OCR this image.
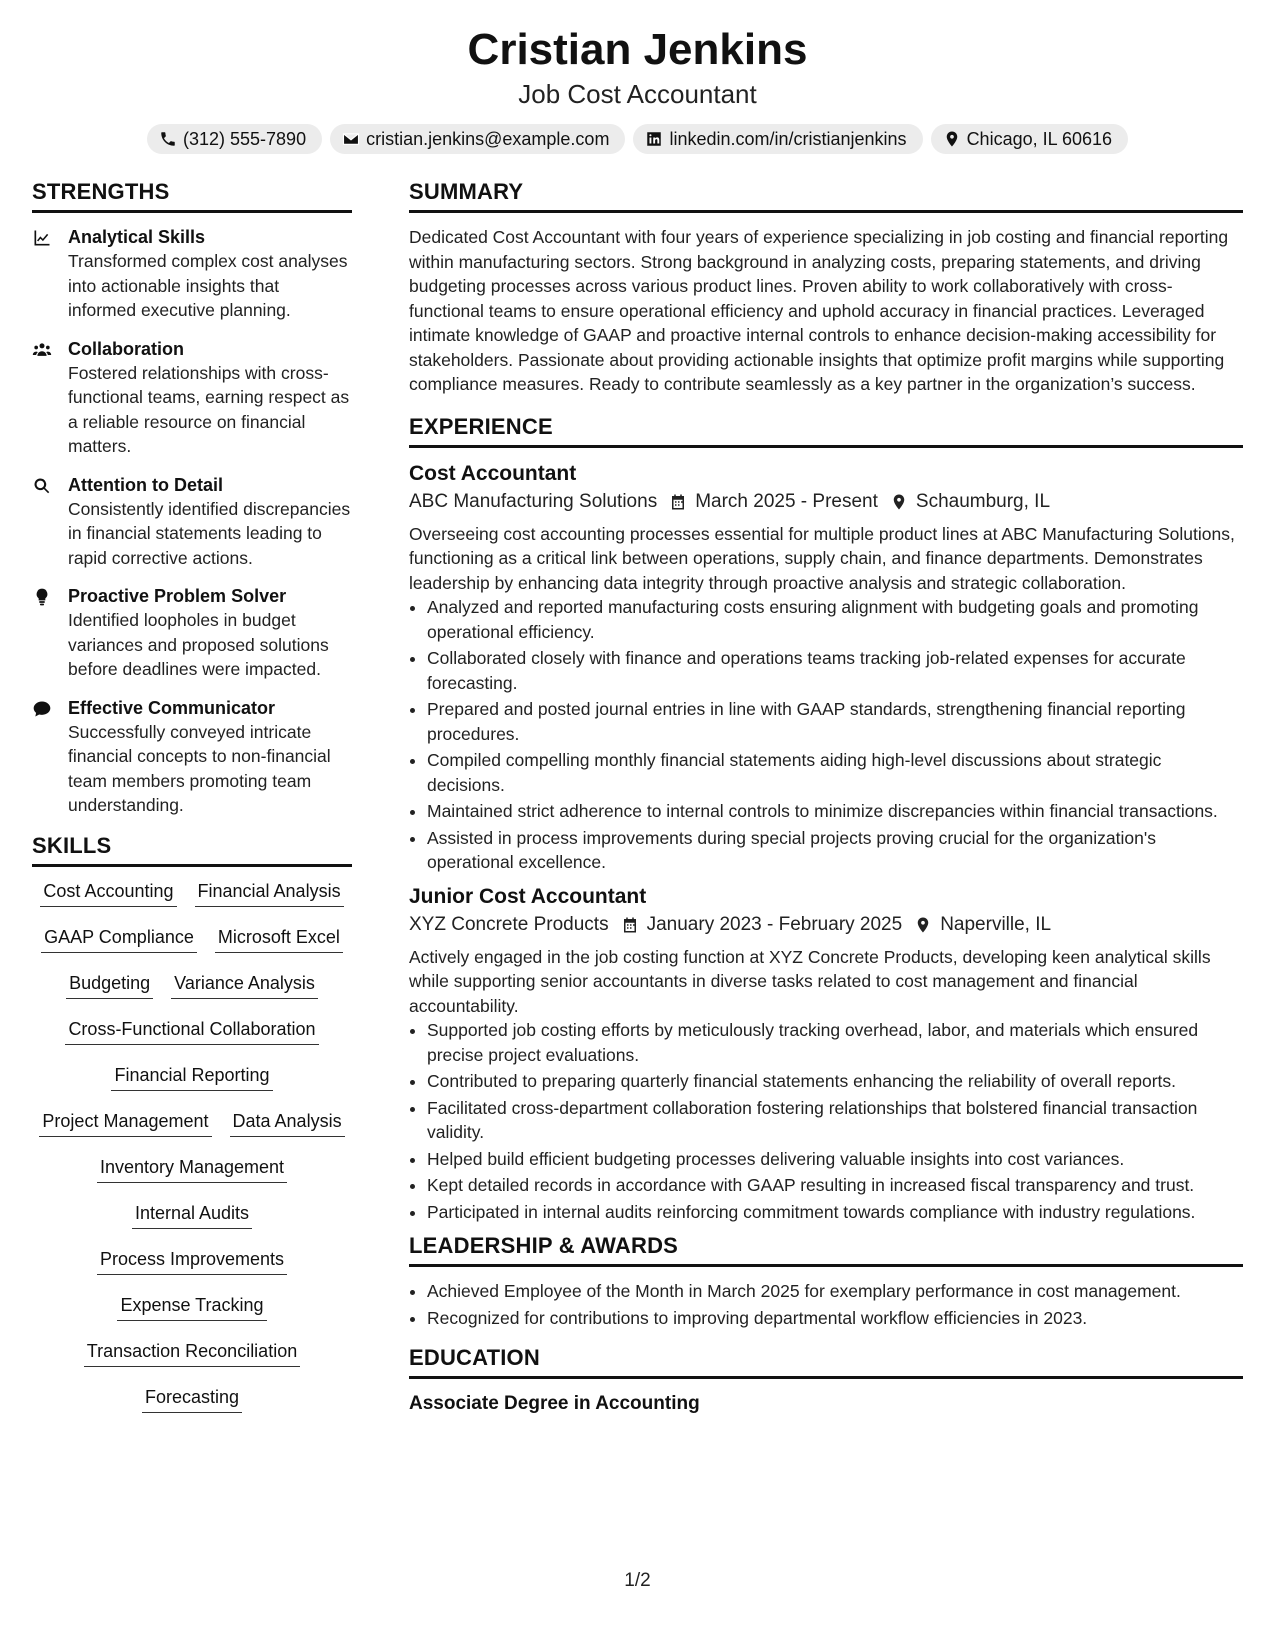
Cristian Jenkins
Job Cost Accountant
(312) 555-7890	cristian.jenkins@example.com	linkedin.com/in/cristianjenkins	Chicago, IL 60616
STRENGTHS
Analytical Skills
Transformed complex cost analyses into actionable insights that informed executive planning.
Collaboration
Fostered relationships with cross-functional teams, earning respect as a reliable resource on financial matters.
Attention to Detail
Consistently identified discrepancies in financial statements leading to rapid corrective actions.
Proactive Problem Solver
Identified loopholes in budget variances and proposed solutions before deadlines were impacted.
Effective Communicator
Successfully conveyed intricate financial concepts to non-financial team members promoting team understanding.
SKILLS
Cost Accounting Financial Analysis
GAAP Compliance Microsoft Excel
Budgeting Variance Analysis
Cross-Functional Collaboration
Financial Reporting
Project Management Data Analysis
Inventory Management
Internal Audits
Process Improvements
Expense Tracking
Transaction Reconciliation
Forecasting
SUMMARY
Dedicated Cost Accountant with four years of experience specializing in job costing and financial reporting within manufacturing sectors. Strong background in analyzing costs, preparing statements, and driving budgeting processes across various product lines. Proven ability to work collaboratively with cross-functional teams to ensure operational efficiency and uphold accuracy in financial practices. Leveraged intimate knowledge of GAAP and proactive internal controls to enhance decision-making accessibility for stakeholders. Passionate about providing actionable insights that optimize profit margins while supporting compliance measures. Ready to contribute seamlessly as a key partner in the organization’s success.
EXPERIENCE
Cost Accountant
ABC Manufacturing Solutions March 2025 - Present Schaumburg, IL
Overseeing cost accounting processes essential for multiple product lines at ABC Manufacturing Solutions, functioning as a critical link between operations, supply chain, and finance departments. Demonstrates leadership by enhancing data integrity through proactive analysis and strategic collaboration.
• Analyzed and reported manufacturing costs ensuring alignment with budgeting goals and promoting operational efficiency.
• Collaborated closely with finance and operations teams tracking job-related expenses for accurate forecasting.
• Prepared and posted journal entries in line with GAAP standards, strengthening financial reporting procedures.
• Compiled compelling monthly financial statements aiding high-level discussions about strategic decisions.
• Maintained strict adherence to internal controls to minimize discrepancies within financial transactions.
• Assisted in process improvements during special projects proving crucial for the organization's operational excellence.
Junior Cost Accountant
XYZ Concrete Products January 2023 - February 2025 Naperville, IL
Actively engaged in the job costing function at XYZ Concrete Products, developing keen analytical skills while supporting senior accountants in diverse tasks related to cost management and financial accountability.
• Supported job costing efforts by meticulously tracking overhead, labor, and materials which ensured precise project evaluations.
• Contributed to preparing quarterly financial statements enhancing the reliability of overall reports.
• Facilitated cross-department collaboration fostering relationships that bolstered financial transaction validity.
• Helped build efficient budgeting processes delivering valuable insights into cost variances.
• Kept detailed records in accordance with GAAP resulting in increased fiscal transparency and trust.
• Participated in internal audits reinforcing commitment towards compliance with industry regulations.
LEADERSHIP & AWARDS
• Achieved Employee of the Month in March 2025 for exemplary performance in cost management.
• Recognized for contributions to improving departmental workflow efficiencies in 2023.
EDUCATION
Associate Degree in Accounting
1/2
